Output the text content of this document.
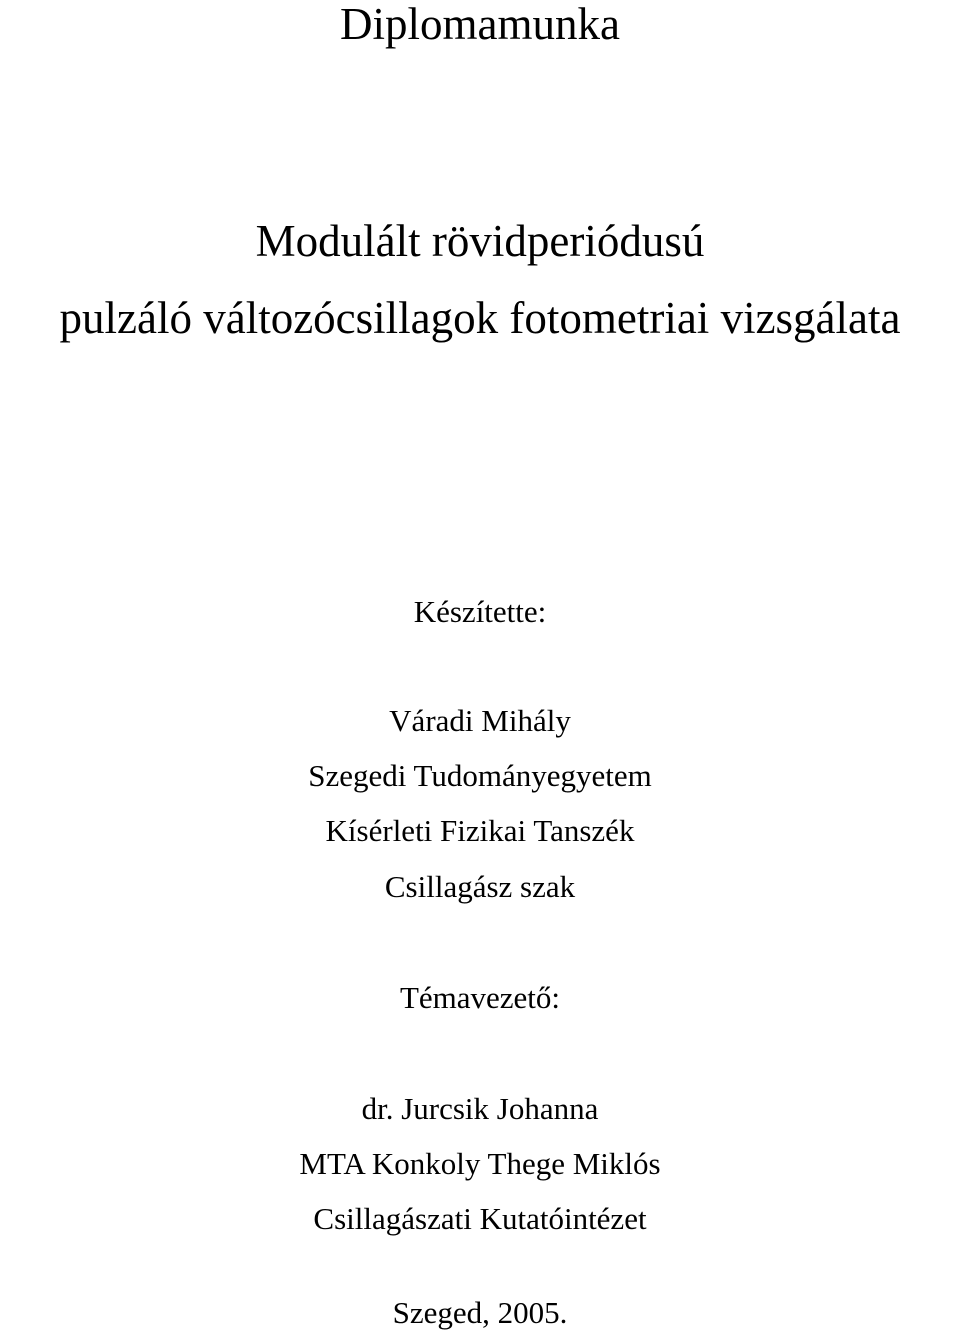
Diplomamunka
Modulált rövidperiódusú
pulzáló változócsillagok fotometriai vizsgálata
Készítette:
Váradi Mihály
Szegedi Tudományegyetem
Kísérleti Fizikai Tanszék
Csillagász szak
Témavezető:
dr. Jurcsik Johanna
MTA Konkoly Thege Miklós
Csillagászati Kutatóintézet
Szeged, 2005.
